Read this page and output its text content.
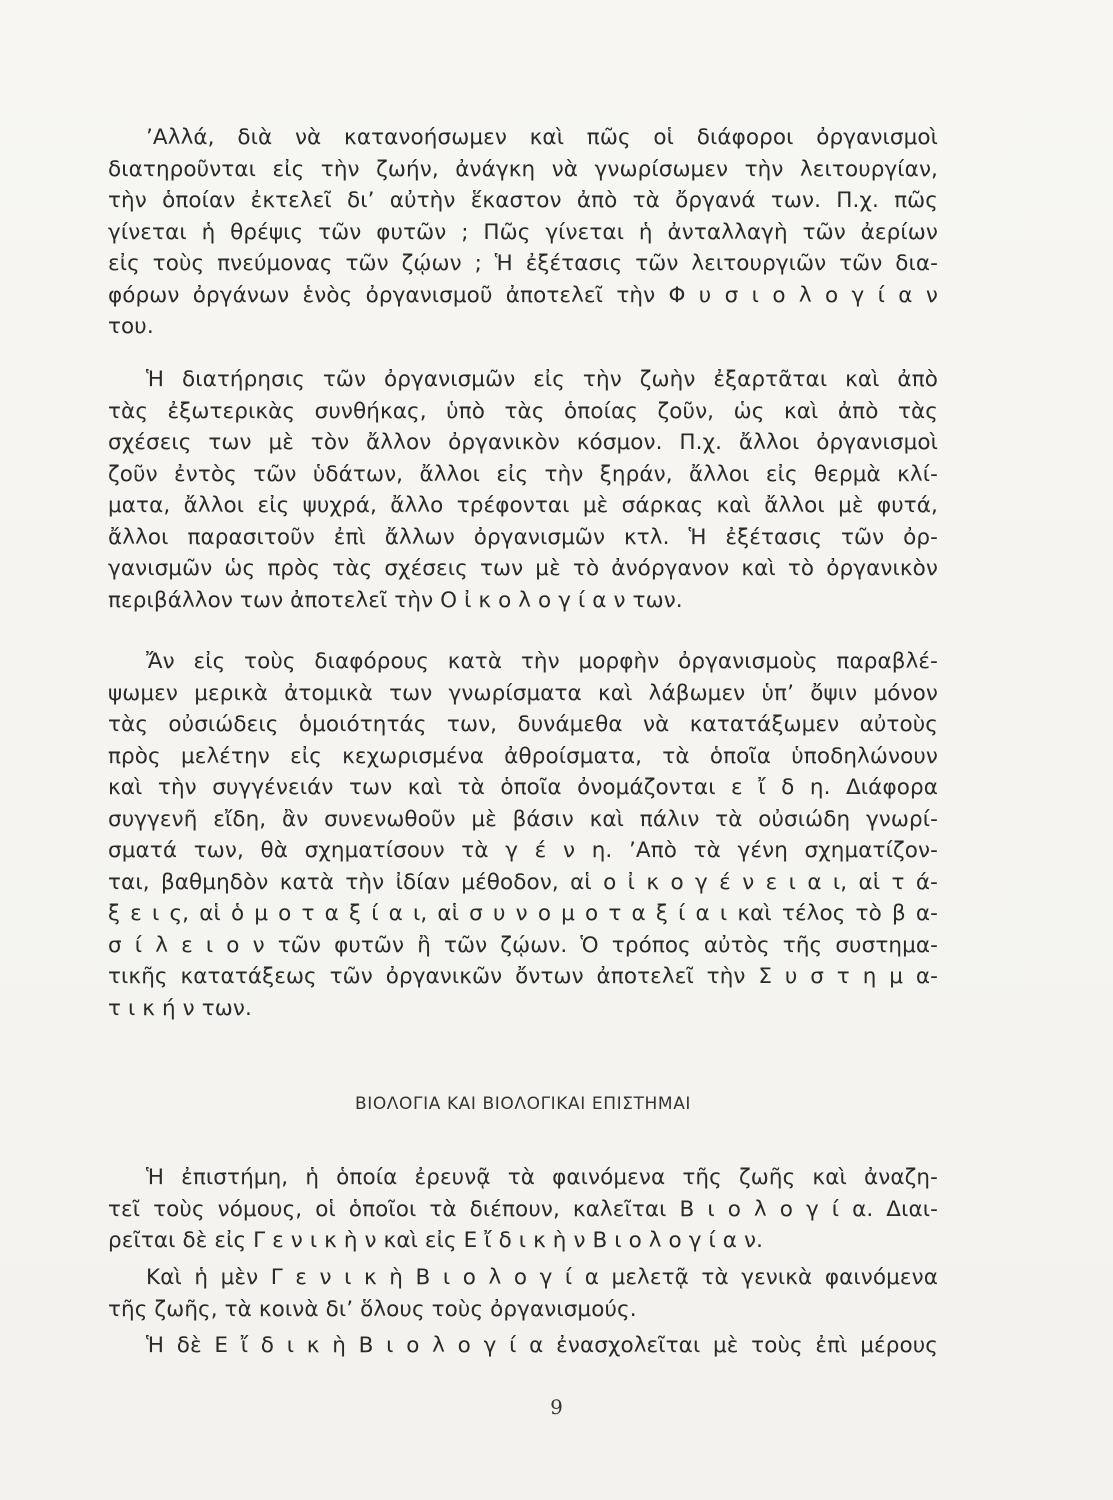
’Αλλά, διὰ νὰ κατανοήσωμεν καὶ πῶς οἱ διάφοροι ὀργανισμοὶ
διατηροῦνται εἰς τὴν ζωήν, ἀνάγκη νὰ γνωρίσωμεν τὴν λειτουργίαν,
τὴν ὁποίαν ἐκτελεῖ δι’ αὐτὴν ἕκαστον ἀπὸ τὰ ὄργανά των. Π.χ. πῶς
γίνεται ἡ θρέψις τῶν φυτῶν ; Πῶς γίνεται ἡ ἀνταλλαγὴ τῶν ἀερίων
εἰς τοὺς πνεύμονας τῶν ζῴων ; Ἡ ἐξέτασις τῶν λειτουργιῶν τῶν δια-
φόρων ὀργάνων ἑνὸς ὀργανισμοῦ ἀποτελεῖ τὴν Φ υ σ ι ο λ ο γ ί α ν
του.
Ἡ διατήρησις τῶν ὀργανισμῶν εἰς τὴν ζωὴν ἐξαρτᾶται καὶ ἀπὸ
τὰς ἐξωτερικὰς συνθήκας, ὑπὸ τὰς ὁποίας ζοῦν, ὡς καὶ ἀπὸ τὰς
σχέσεις των μὲ τὸν ἄλλον ὀργανικὸν κόσμον. Π.χ. ἄλλοι ὀργανισμοὶ
ζοῦν ἐντὸς τῶν ὑδάτων, ἄλλοι εἰς τὴν ξηράν, ἄλλοι εἰς θερμὰ κλί-
ματα, ἄλλοι εἰς ψυχρά, ἄλλο τρέφονται μὲ σάρκας καὶ ἄλλοι μὲ φυτά,
ἄλλοι παρασιτοῦν ἐπὶ ἄλλων ὀργανισμῶν κτλ. Ἡ ἐξέτασις τῶν ὀρ-
γανισμῶν ὡς πρὸς τὰς σχέσεις των μὲ τὸ ἀνόργανον καὶ τὸ ὀργανικὸν
περιβάλλον των ἀποτελεῖ τὴν Ο ἰ κ ο λ ο γ ί α ν των.
Ἄν εἰς τοὺς διαφόρους κατὰ τὴν μορφὴν ὀργανισμοὺς παραβλέ-
ψωμεν μερικὰ ἀτομικὰ των γνωρίσματα καὶ λάβωμεν ὑπ’ ὄψιν μόνον
τὰς οὐσιώδεις ὁμοιότητάς των, δυνάμεθα νὰ κατατάξωμεν αὐτοὺς
πρὸς μελέτην εἰς κεχωρισμένα ἀθροίσματα, τὰ ὁποῖα ὑποδηλώνουν
καὶ τὴν συγγένειάν των καὶ τὰ ὁποῖα ὀνομάζονται ε ἴ δ η. Διάφορα
συγγενῆ εἴδη, ἂν συνενωθοῦν μὲ βάσιν καὶ πάλιν τὰ οὐσιώδη γνωρί-
σματά των, θὰ σχηματίσουν τὰ γ έ ν η. ’Απὸ τὰ γένη σχηματίζον-
ται, βαθμηδὸν κατὰ τὴν ἰδίαν μέθοδον, αἱ ο ἰ κ ο γ έ ν ε ι α ι, αἱ τ ά-
ξ ε ι ς, αἱ ὁ μ ο τ α ξ ί α ι, αἱ σ υ ν ο μ ο τ α ξ ί α ι καὶ τέλος τὸ β α-
σ ί λ ε ι ο ν τῶν φυτῶν ἢ τῶν ζῴων. Ὁ τρόπος αὐτὸς τῆς συστημα-
τικῆς κατατάξεως τῶν ὀργανικῶν ὄντων ἀποτελεῖ τὴν Σ υ σ τ η μ α-
τ ι κ ή ν των.
ΒΙΟΛΟΓΙΑ ΚΑΙ ΒΙΟΛΟΓΙΚΑΙ ΕΠΙΣΤΗΜΑΙ
Ἡ ἐπιστήμη, ἡ ὁποία ἐρευνᾷ τὰ φαινόμενα τῆς ζωῆς καὶ ἀναζη-
τεῖ τοὺς νόμους, οἱ ὁποῖοι τὰ διέπουν, καλεῖται Β ι ο λ ο γ ί α. Διαι-
ρεῖται δὲ εἰς Γ ε ν ι κ ὴ ν καὶ εἰς Ε ἴ δ ι κ ὴ ν Β ι ο λ ο γ ί α ν.
Καὶ ἡ μὲν Γ ε ν ι κ ὴ Β ι ο λ ο γ ί α μελετᾷ τὰ γενικὰ φαινόμενα
τῆς ζωῆς, τὰ κοινὰ δι’ ὅλους τοὺς ὀργανισμούς.
Ἡ δὲ Ε ἴ δ ι κ ὴ Β ι ο λ ο γ ί α ἐνασχολεῖται μὲ τοὺς ἐπὶ μέρους
9
